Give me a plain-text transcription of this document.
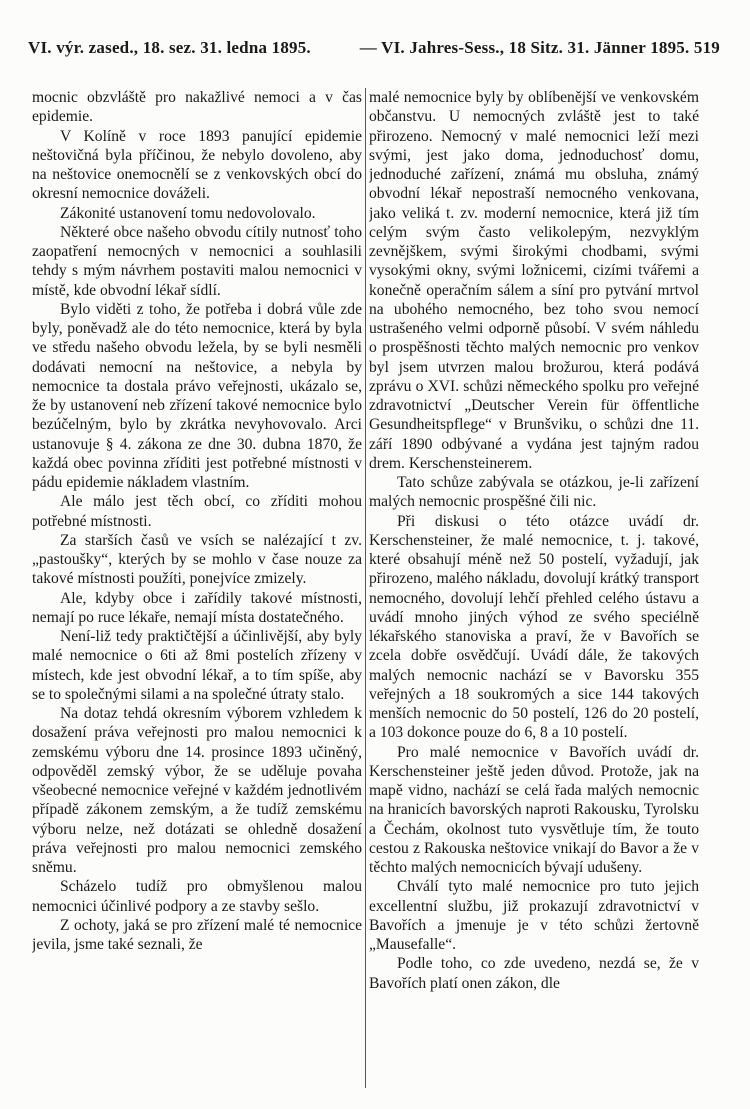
VI. výr. zased., 18. sez. 31. ledna 1895.	— VI. Jahres-Sess., 18 Sitz. 31. Jänner 1895. 519

mocnic obzvláště pro nakažlivé nemoci a v čas epidemie.

V Kolíně v roce 1893 panující epidemie neštovičná byla příčinou, že nebylo dovoleno, aby na neštovice onemocnělí se z venkovských obcí do okresní nemocnice dováželi.

Zákonité ustanovení tomu nedovolovalo.

Některé obce našeho obvodu cítily nutnosť toho zaopatření nemocných v nemocnici a souhlasili tehdy s mým návrhem postaviti malou nemocnici v místě, kde obvodní lékař sídlí.

Bylo viděti z toho, že potřeba i dobrá vůle zde byly, poněvadž ale do této nemocnice, která by byla ve středu našeho obvodu ležela, by se byli nesměli dodávati nemocní na neštovice, a nebyla by nemocnice ta dostala právo veřejnosti, ukázalo se, že by ustanovení neb zřízení takové nemocnice bylo bezúčelným, bylo by zkrátka nevyhovovalo. Arci ustanovuje § 4. zákona ze dne 30. dubna 1870, že každá obec povinna zříditi jest potřebné místnosti v pádu epidemie nákladem vlastním.

Ale málo jest těch obcí, co zříditi mohou potřebné místnosti.

Za starších časů ve vsích se nalézající t zv. „pastoušky“, kterých by se mohlo v čase nouze za takové místnosti použíti, ponejvíce zmizely.

Ale, kdyby obce i zařídily takové místnosti, nemají po ruce lékaře, nemají místa dostatečného.

Není-liž tedy praktičtější a účinlivější, aby byly malé nemocnice o 6ti až 8mi postelích zřízeny v místech, kde jest obvodní lékař, a to tím spíše, aby se to společnými silami a na společné útraty stalo.

Na dotaz tehdá okresním výborem vzhledem k dosažení práva veřejnosti pro malou nemocnici k zemskému výboru dne 14. prosince 1893 učiněný, odpověděl zemský výbor, že se uděluje povaha všeobecné nemocnice veřejné v každém jednotlivém případě zákonem zemským, a že tudíž zemskému výboru nelze, než dotázati se ohledně dosažení práva veřejnosti pro malou nemocnici zemského sněmu.

Scházelo tudíž pro obmyšlenou malou nemocnici účinlivé podpory a ze stavby sešlo.

Z ochoty, jaká se pro zřízení malé té nemocnice jevila, jsme také seznali, že

malé nemocnice byly by oblíbenější ve venkovském občanstvu. U nemocných zvláště jest to také přirozeno. Nemocný v malé nemocnici leží mezi svými, jest jako doma, jednoduchosť domu, jednoduché zařízení, známá mu obsluha, známý obvodní lékař nepostraší nemocného venkovana, jako veliká t. zv. moderní nemocnice, která již tím celým svým často velikolepým, nezvyklým zevnějškem, svými širokými chodbami, svými vysokými okny, svými ložnicemi, cizími tvářemi a konečně operačním sálem a síní pro pytvání mrtvol na ubohého nemocného, bez toho svou nemocí ustrašeného velmi odporně působí. V svém náhledu o prospěšnosti těchto malých nemocnic pro venkov byl jsem utvrzen malou brožurou, která podává zprávu o XVI. schůzi německého spolku pro veřejné zdravotnictví „Deutscher Verein für öffentliche Gesundheitspflege“ v Brunšviku, o schůzi dne 11. září 1890 odbývané a vydána jest tajným radou drem. Kerschensteinerem.

Tato schůze zabývala se otázkou, je-li zařízení malých nemocnic prospěšné čili nic.

Při diskusi o této otázce uvádí dr. Kerschensteiner, že malé nemocnice, t. j. takové, které obsahují méně než 50 postelí, vyžadují, jak přirozeno, malého nákladu, dovolují krátký transport nemocného, dovolují lehčí přehled celého ústavu a uvádí mnoho jiných výhod ze svého speciélně lékařského stanoviska a praví, že v Bavořích se zcela dobře osvědčují. Uvádí dále, že takových malých nemocnic nachází se v Bavorsku 355 veřejných a 18 soukromých a sice 144 takových menších nemocnic do 50 postelí, 126 do 20 postelí, a 103 dokonce pouze do 6, 8 a 10 postelí.

Pro malé nemocnice v Bavořích uvádí dr. Kerschensteiner ještě jeden důvod. Protože, jak na mapě vidno, nachází se celá řada malých nemocnic na hranicích bavorských naproti Rakousku, Tyrolsku a Čechám, okolnost tuto vysvětluje tím, že touto cestou z Rakouska neštovice vnikají do Bavor a že v těchto malých nemocnicích bývají udušeny.

Chválí tyto malé nemocnice pro tuto jejich excellentní službu, již prokazují zdravotnictví v Bavořích a jmenuje je v této schůzi žertovně „Mausefalle“.

Podle toho, co zde uvedeno, nezdá se, že v Bavořích platí onen zákon, dle
